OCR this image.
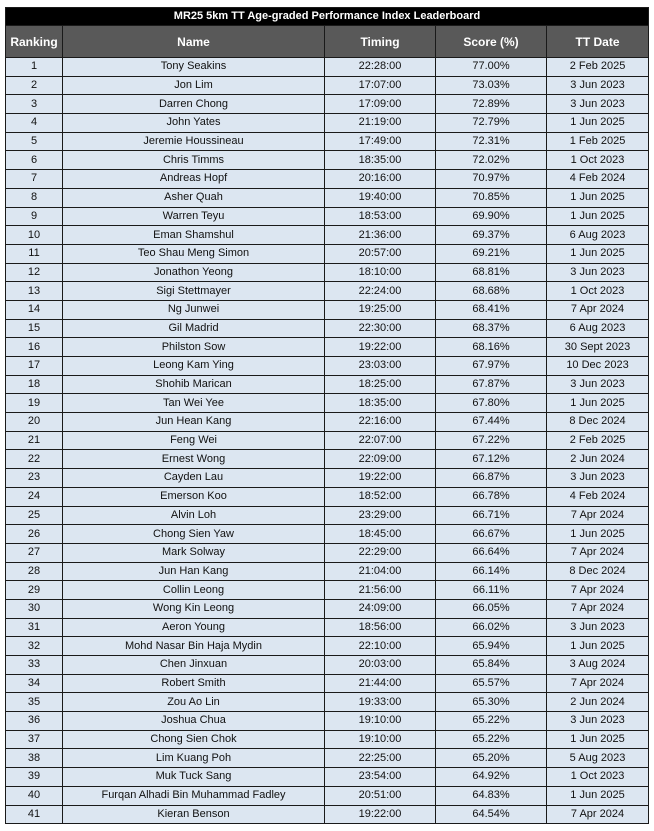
MR25 5km TT Age-graded Performance Index Leaderboard				
Ranking	Name	Timing	Score (%)	TT Date
1	Tony Seakins	22:28:00	77.00%	2 Feb 2025
2	Jon Lim	17:07:00	73.03%	3 Jun 2023
3	Darren Chong	17:09:00	72.89%	3 Jun 2023
4	John Yates	21:19:00	72.79%	1 Jun 2025
5	Jeremie Houssineau	17:49:00	72.31%	1 Feb 2025
6	Chris Timms	18:35:00	72.02%	1 Oct 2023
7	Andreas Hopf	20:16:00	70.97%	4 Feb 2024
8	Asher Quah	19:40:00	70.85%	1 Jun 2025
9	Warren Teyu	18:53:00	69.90%	1 Jun 2025
10	Eman Shamshul	21:36:00	69.37%	6 Aug 2023
11	Teo Shau Meng Simon	20:57:00	69.21%	1 Jun 2025
12	Jonathon Yeong	18:10:00	68.81%	3 Jun 2023
13	Sigi Stettmayer	22:24:00	68.68%	1 Oct 2023
14	Ng Junwei	19:25:00	68.41%	7 Apr 2024
15	Gil Madrid	22:30:00	68.37%	6 Aug 2023
16	Philston Sow	19:22:00	68.16%	30 Sept 2023
17	Leong Kam Ying	23:03:00	67.97%	10 Dec 2023
18	Shohib Marican	18:25:00	67.87%	3 Jun 2023
19	Tan Wei Yee	18:35:00	67.80%	1 Jun 2025
20	Jun Hean Kang	22:16:00	67.44%	8 Dec 2024
21	Feng Wei	22:07:00	67.22%	2 Feb 2025
22	Ernest Wong	22:09:00	67.12%	2 Jun 2024
23	Cayden Lau	19:22:00	66.87%	3 Jun 2023
24	Emerson Koo	18:52:00	66.78%	4 Feb 2024
25	Alvin Loh	23:29:00	66.71%	7 Apr 2024
26	Chong Sien Yaw	18:45:00	66.67%	1 Jun 2025
27	Mark Solway	22:29:00	66.64%	7 Apr 2024
28	Jun Han Kang	21:04:00	66.14%	8 Dec 2024
29	Collin Leong	21:56:00	66.11%	7 Apr 2024
30	Wong Kin Leong	24:09:00	66.05%	7 Apr 2024
31	Aeron Young	18:56:00	66.02%	3 Jun 2023
32	Mohd Nasar Bin Haja Mydin	22:10:00	65.94%	1 Jun 2025
33	Chen Jinxuan	20:03:00	65.84%	3 Aug 2024
34	Robert Smith	21:44:00	65.57%	7 Apr 2024
35	Zou Ao Lin	19:33:00	65.30%	2 Jun 2024
36	Joshua Chua	19:10:00	65.22%	3 Jun 2023
37	Chong Sien Chok	19:10:00	65.22%	1 Jun 2025
38	Lim Kuang Poh	22:25:00	65.20%	5 Aug 2023
39	Muk Tuck Sang	23:54:00	64.92%	1 Oct 2023
40	Furqan Alhadi Bin Muhammad Fadley	20:51:00	64.83%	1 Jun 2025
41	Kieran Benson	19:22:00	64.54%	7 Apr 2024
